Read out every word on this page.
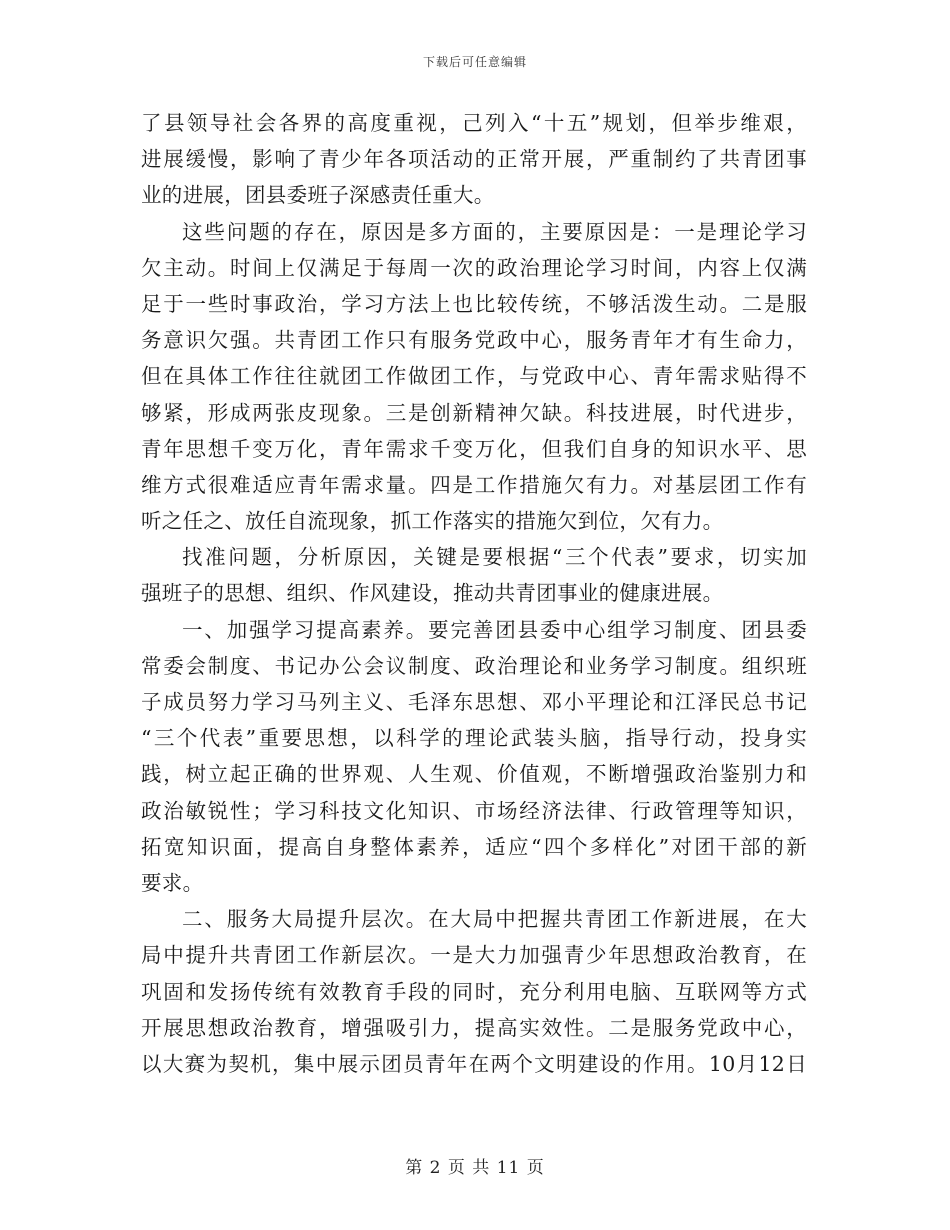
下载后可任意编辑
了县领导社会各界的高度重视，己列入“十五”规划，但举步维艰，
进展缓慢，影响了青少年各项活动的正常开展，严重制约了共青团事
业的进展，团县委班子深感责任重大。
这些问题的存在，原因是多方面的，主要原因是：一是理论学习
欠主动。时间上仅满足于每周一次的政治理论学习时间，内容上仅满
足于一些时事政治，学习方法上也比较传统，不够活泼生动。二是服
务意识欠强。共青团工作只有服务党政中心，服务青年才有生命力，
但在具体工作往往就团工作做团工作，与党政中心、青年需求贴得不
够紧，形成两张皮现象。三是创新精神欠缺。科技进展，时代进步，
青年思想千变万化，青年需求千变万化，但我们自身的知识水平、思
维方式很难适应青年需求量。四是工作措施欠有力。对基层团工作有
听之任之、放任自流现象，抓工作落实的措施欠到位，欠有力。
找准问题，分析原因，关键是要根据“三个代表”要求，切实加
强班子的思想、组织、作风建设，推动共青团事业的健康进展。
一、加强学习提高素养。要完善团县委中心组学习制度、团县委
常委会制度、书记办公会议制度、政治理论和业务学习制度。组织班
子成员努力学习马列主义、毛泽东思想、邓小平理论和江泽民总书记
“三个代表”重要思想，以科学的理论武装头脑，指导行动，投身实
践，树立起正确的世界观、人生观、价值观，不断增强政治鉴别力和
政治敏锐性；学习科技文化知识、市场经济法律、行政管理等知识，
拓宽知识面，提高自身整体素养，适应“四个多样化”对团干部的新
要求。
二、服务大局提升层次。在大局中把握共青团工作新进展，在大
局中提升共青团工作新层次。一是大力加强青少年思想政治教育，在
巩固和发扬传统有效教育手段的同时，充分利用电脑、互联网等方式
开展思想政治教育，增强吸引力，提高实效性。二是服务党政中心，
以大赛为契机，集中展示团员青年在两个文明建设的作用。10月12日
第 2 页 共 11 页
